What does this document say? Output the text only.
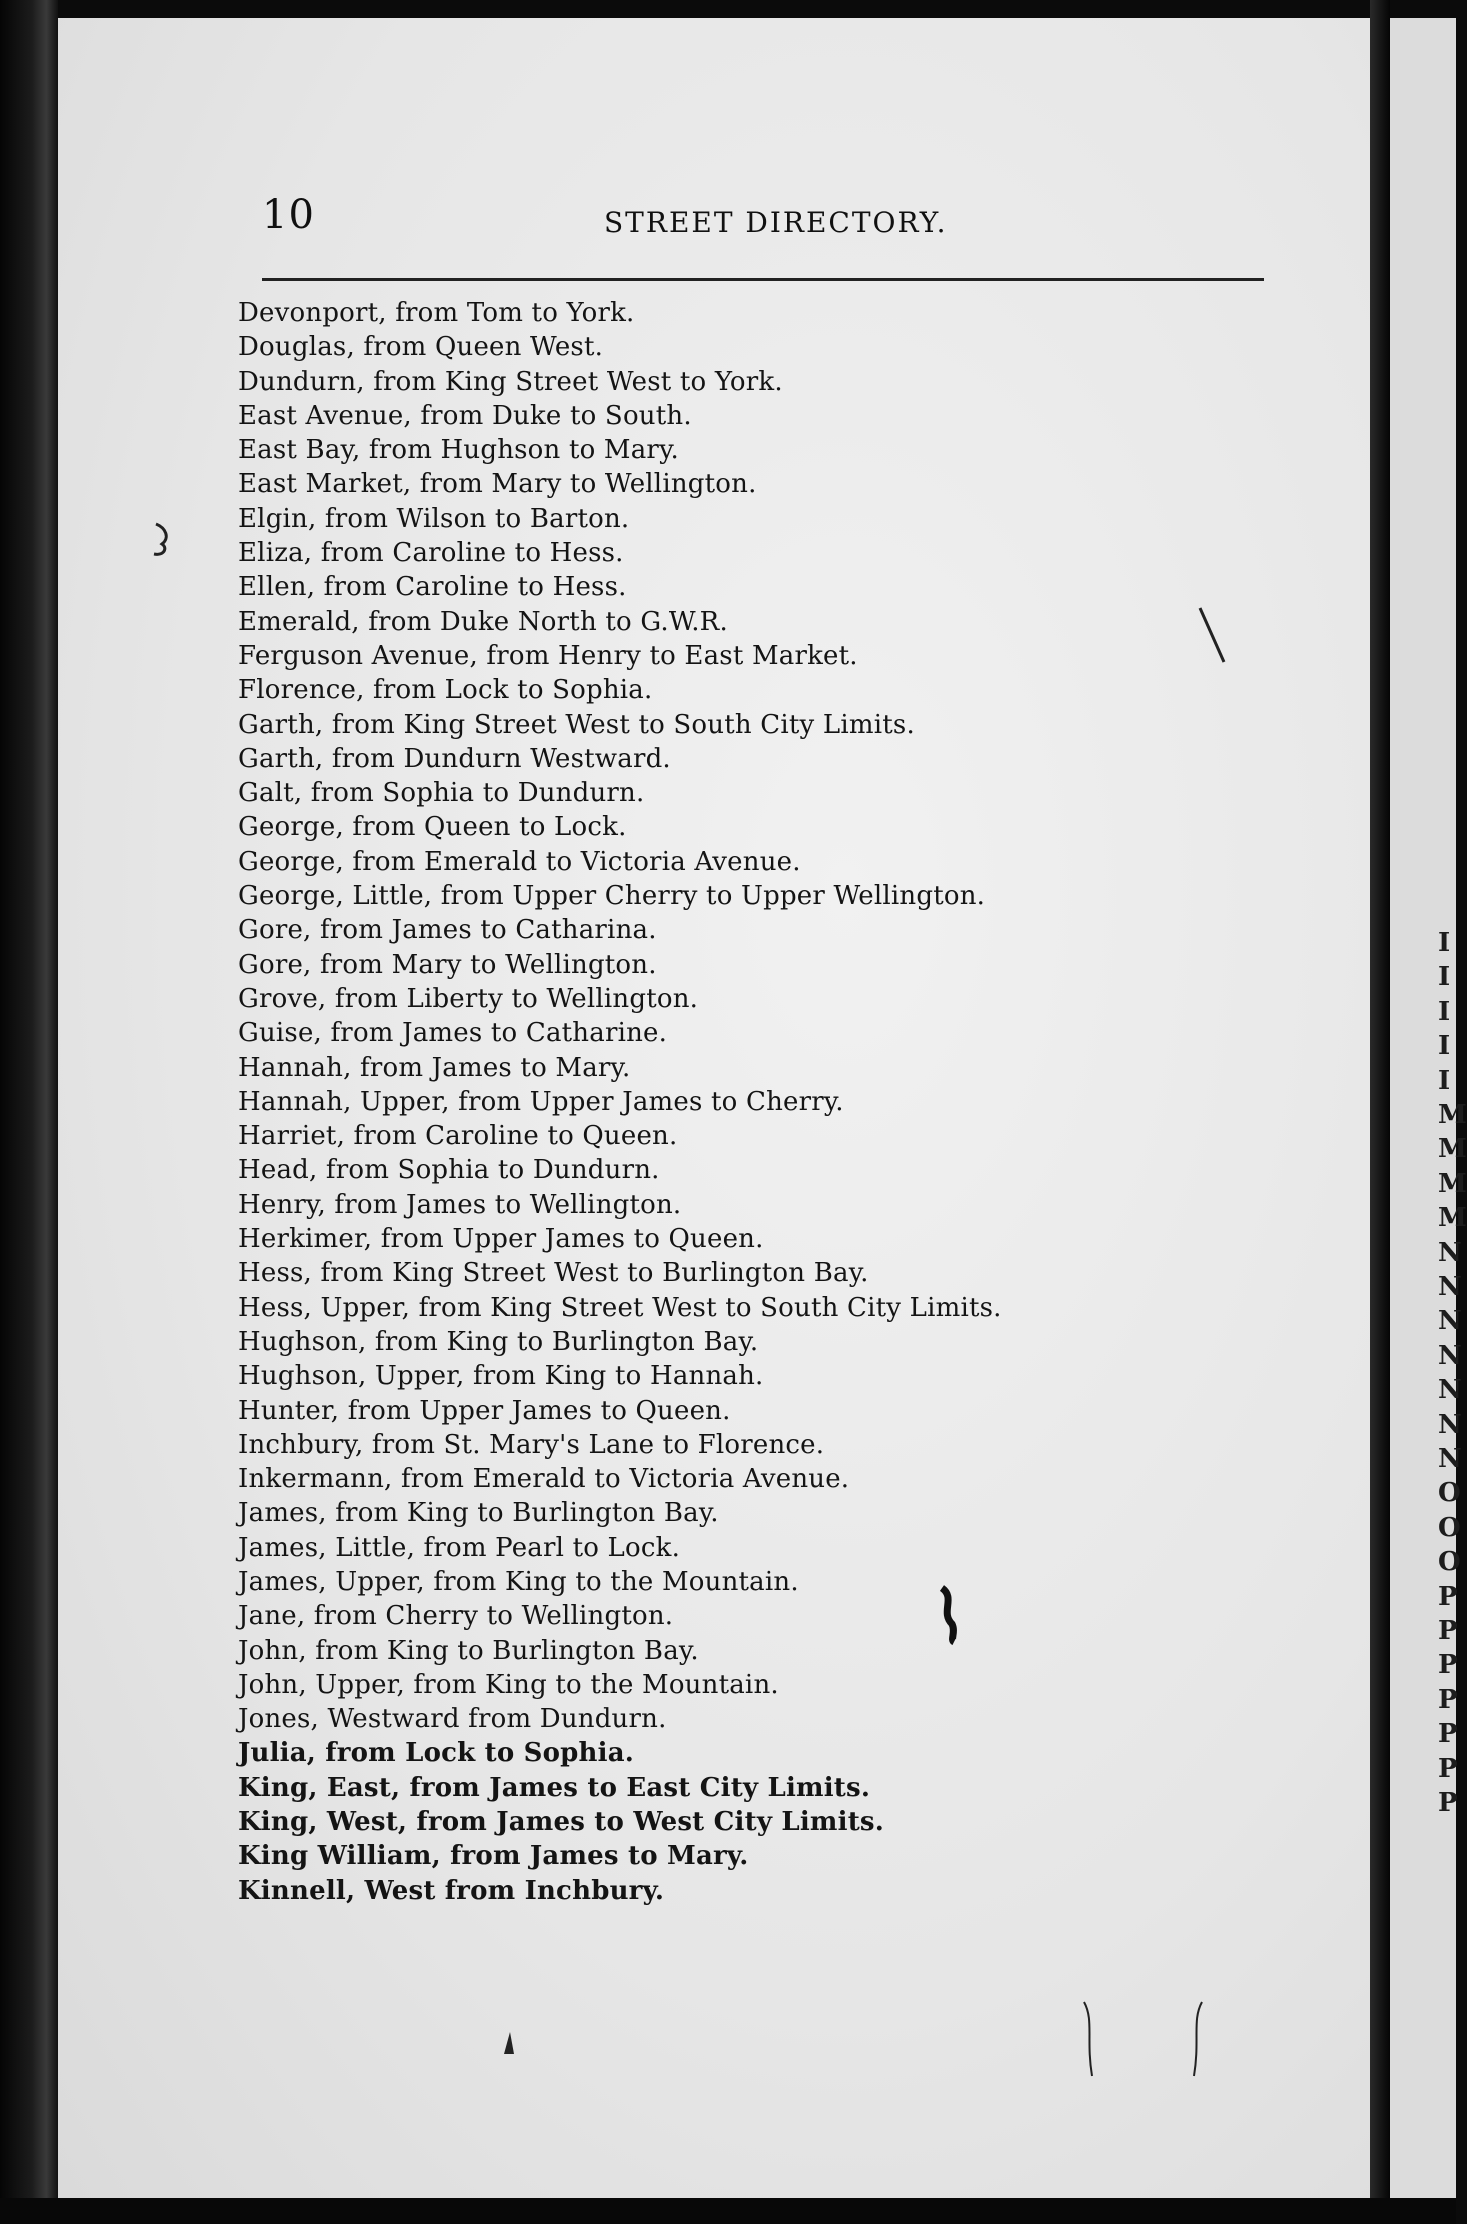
10	STREET DIRECTORY.
Devonport, from Tom to York.
Douglas, from Queen West.
Dundurn, from King Street West to York.
East Avenue, from Duke to South.
East Bay, from Hughson to Mary.
East Market, from Mary to Wellington.
Elgin, from Wilson to Barton.
Eliza, from Caroline to Hess.
Ellen, from Caroline to Hess.
Emerald, from Duke North to G.W.R.
Ferguson Avenue, from Henry to East Market.
Florence, from Lock to Sophia.
Garth, from King Street West to South City Limits.
Garth, from Dundurn Westward.
Galt, from Sophia to Dundurn.
George, from Queen to Lock.
George, from Emerald to Victoria Avenue.
George, Little, from Upper Cherry to Upper Wellington.
Gore, from James to Catharina.
Gore, from Mary to Wellington.
Grove, from Liberty to Wellington.
Guise, from James to Catharine.
Hannah, from James to Mary.
Hannah, Upper, from Upper James to Cherry.
Harriet, from Caroline to Queen.
Head, from Sophia to Dundurn.
Henry, from James to Wellington.
Herkimer, from Upper James to Queen.
Hess, from King Street West to Burlington Bay.
Hess, Upper, from King Street West to South City Limits.
Hughson, from King to Burlington Bay.
Hughson, Upper, from King to Hannah.
Hunter, from Upper James to Queen.
Inchbury, from St. Mary's Lane to Florence.
Inkermann, from Emerald to Victoria Avenue.
James, from King to Burlington Bay.
James, Little, from Pearl to Lock.
James, Upper, from King to the Mountain.
Jane, from Cherry to Wellington.
John, from King to Burlington Bay.
John, Upper, from King to the Mountain.
Jones, Westward from Dundurn.
Julia, from Lock to Sophia.
King, East, from James to East City Limits.
King, West, from James to West City Limits.
King William, from James to Mary.
Kinnell, West from Inchbury.
I
I
I
I
I
M
M
M
M
N
N
N
N
N
N
N
O
O
O
P
P
P
P
P
P
P
